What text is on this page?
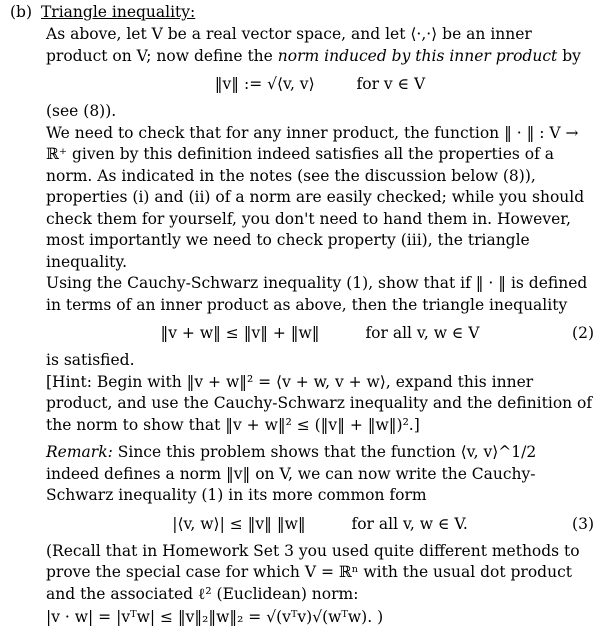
(b) Triangle inequality:

As above, let V be a real vector space, and let ⟨·,·⟩ be an inner product on V; now define the norm induced by this inner product by

‖v‖ := √⟨v, v⟩	for v ∈ V

(see (8)).

We need to check that for any inner product, the function ‖ · ‖ : V → ℝ⁺ given by this definition indeed satisfies all the properties of a norm. As indicated in the notes (see the discussion below (8)), properties (i) and (ii) of a norm are easily checked; while you should check them for yourself, you don't need to hand them in. However, most importantly we need to check property (iii), the triangle inequality.

Using the Cauchy-Schwarz inequality (1), show that if ‖ · ‖ is defined in terms of an inner product as above, then the triangle inequality

‖v + w‖ ≤ ‖v‖ + ‖w‖	for all v, w ∈ V	(2)

is satisfied.

[Hint: Begin with ‖v + w‖² = ⟨v + w, v + w⟩, expand this inner product, and use the Cauchy-Schwarz inequality and the definition of the norm to show that ‖v + w‖² ≤ (‖v‖ + ‖w‖)².]

Remark: Since this problem shows that the function ⟨v, v⟩^1/2 indeed defines a norm ‖v‖ on V, we can now write the Cauchy-Schwarz inequality (1) in its more common form

|⟨v, w⟩| ≤ ‖v‖ ‖w‖	for all v, w ∈ V.	(3)

(Recall that in Homework Set 3 you used quite different methods to prove the special case for which V = ℝⁿ with the usual dot product and the associated ℓ² (Euclidean) norm:

|v · w| = |vᵀw| ≤ ‖v‖₂‖w‖₂ = √(vᵀv)√(wᵀw). )
